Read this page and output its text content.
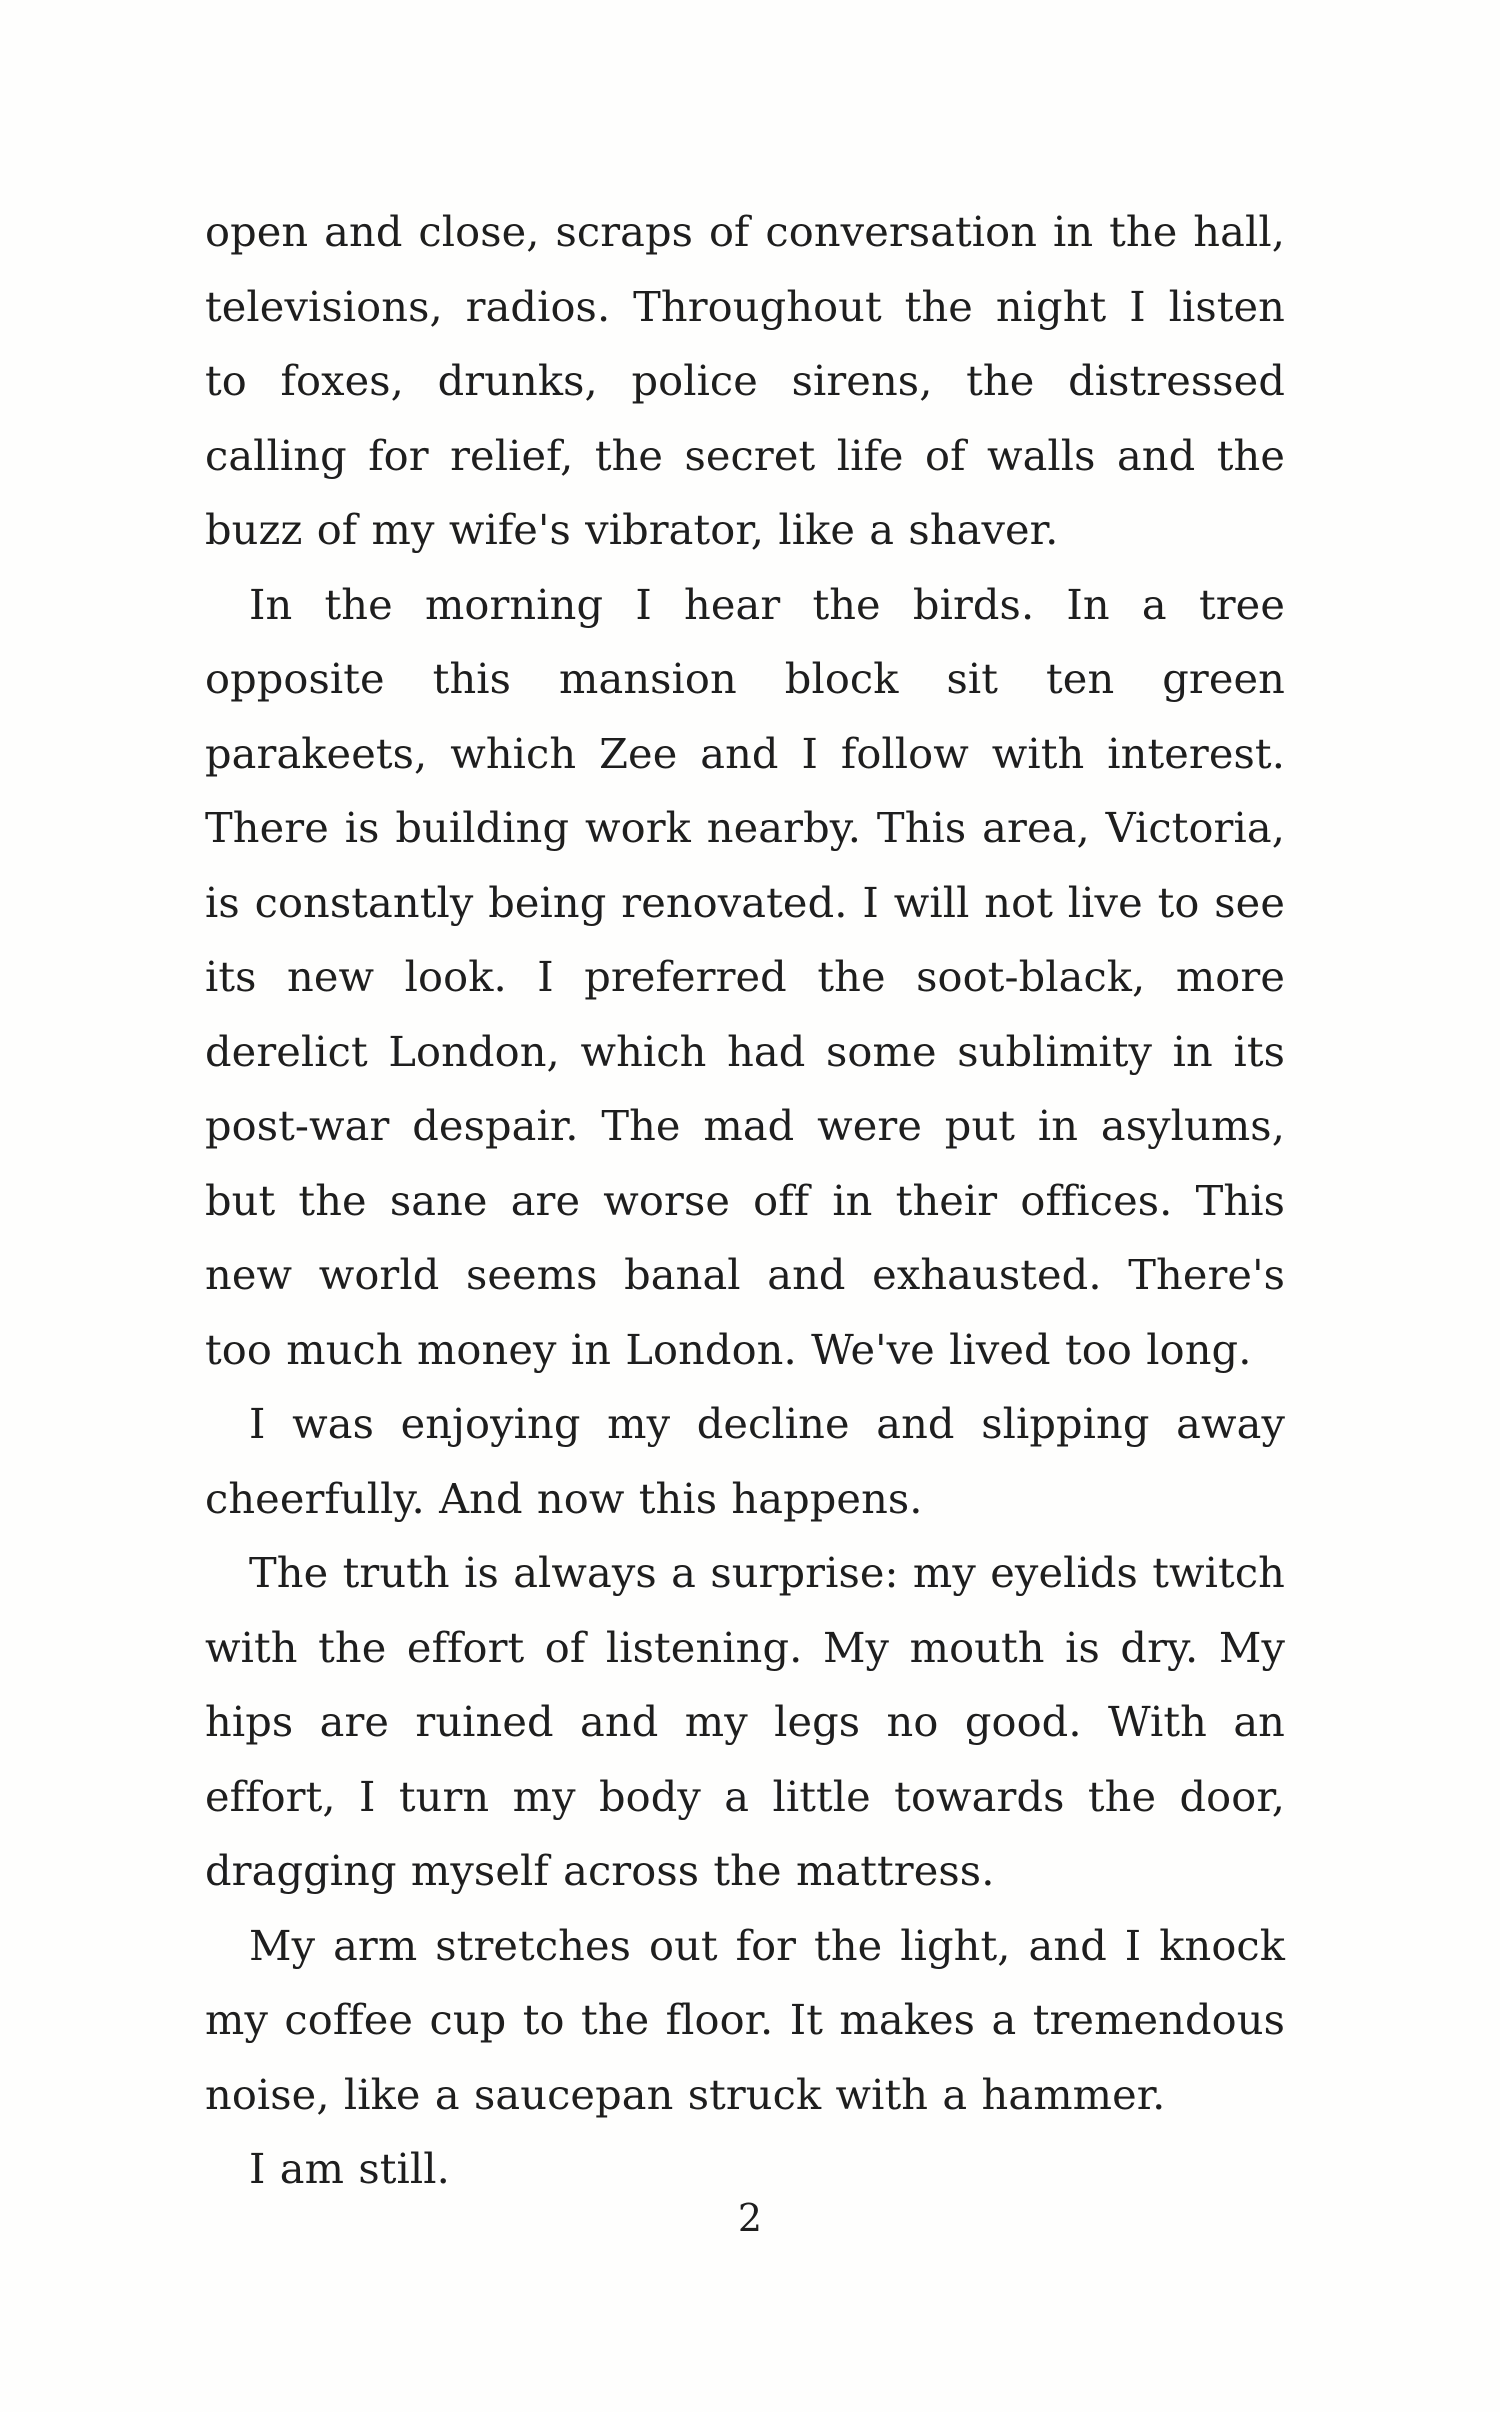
open and close, scraps of conversation in the hall, televisions, radios. Throughout the night I listen to foxes, drunks, police sirens, the distressed calling for relief, the secret life of walls and the buzz of my wife's vibrator, like a shaver.

In the morning I hear the birds. In a tree opposite this mansion block sit ten green parakeets, which Zee and I follow with interest. There is building work nearby. This area, Victoria, is constantly being renovated. I will not live to see its new look. I preferred the soot-black, more derelict London, which had some sublimity in its post-war despair. The mad were put in asylums, but the sane are worse off in their offices. This new world seems banal and exhausted. There's too much money in London. We've lived too long.

I was enjoying my decline and slipping away cheerfully. And now this happens.

The truth is always a surprise: my eyelids twitch with the effort of listening. My mouth is dry. My hips are ruined and my legs no good. With an effort, I turn my body a little towards the door, dragging myself across the mattress.

My arm stretches out for the light, and I knock my coffee cup to the floor. It makes a tremendous noise, like a saucepan struck with a hammer.

I am still.

2
